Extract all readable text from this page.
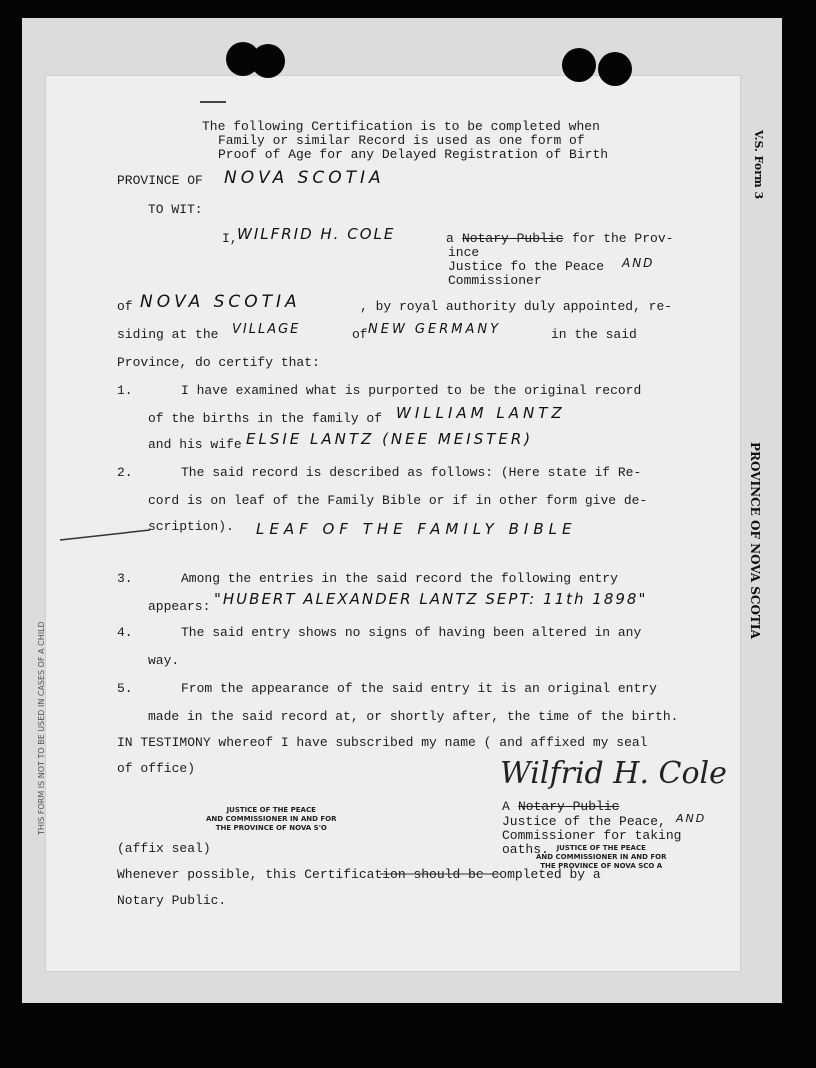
V.S. Form 3
PROVINCE OF NOVA SCOTIA
THIS FORM IS NOT TO BE USED IN CASES OF A CHILD
The following Certification is to be completed when
Family or similar Record is used as one form of
Proof of Age for any Delayed Registration of Birth
PROVINCE OF NOVA SCOTIA
TO WIT:
I, WILFRID H. COLE	a Notary Public for the Prov-
ince
Justice fo the Peace AND
Commissioner
of NOVA SCOTIA	, by royal authority duly appointed, re-
siding at the VILLAGE	of NEW GERMANY	in the said
Province, do certify that:
1.	I have examined what is purported to be the original record
of the births in the family of WILLIAM LANTZ
and his wife ELSIE LANTZ (NEE MEISTER)
2.	The said record is described as follows: (Here state if Re-
cord is on leaf of the Family Bible or if in other form give de-
scription). LEAF OF THE FAMILY BIBLE
3.	Among the entries in the said record the following entry
appears: "HUBERT ALEXANDER LANTZ SEPT: 11th 1898"
4.	The said entry shows no signs of having been altered in any
way.
5.	From the appearance of the said entry it is an original entry
made in the said record at, or shortly after, the time of the birth.
IN TESTIMONY whereof I have subscribed my name ( and affixed my seal
of office)	Wilfrid H. Cole
A Notary Public
Justice of the Peace, AND
Commissioner for taking
oaths.
JUSTICE OF THE PEACE
AND COMMISSIONER IN AND FOR
THE PROVINCE OF NOVA S'O
JUSTICE OF THE PEACE
AND COMMISSIONER IN AND FOR
THE PROVINCE OF NOVA SCO A
(affix seal)
Whenever possible, this Certification should be completed by a
Notary Public.
